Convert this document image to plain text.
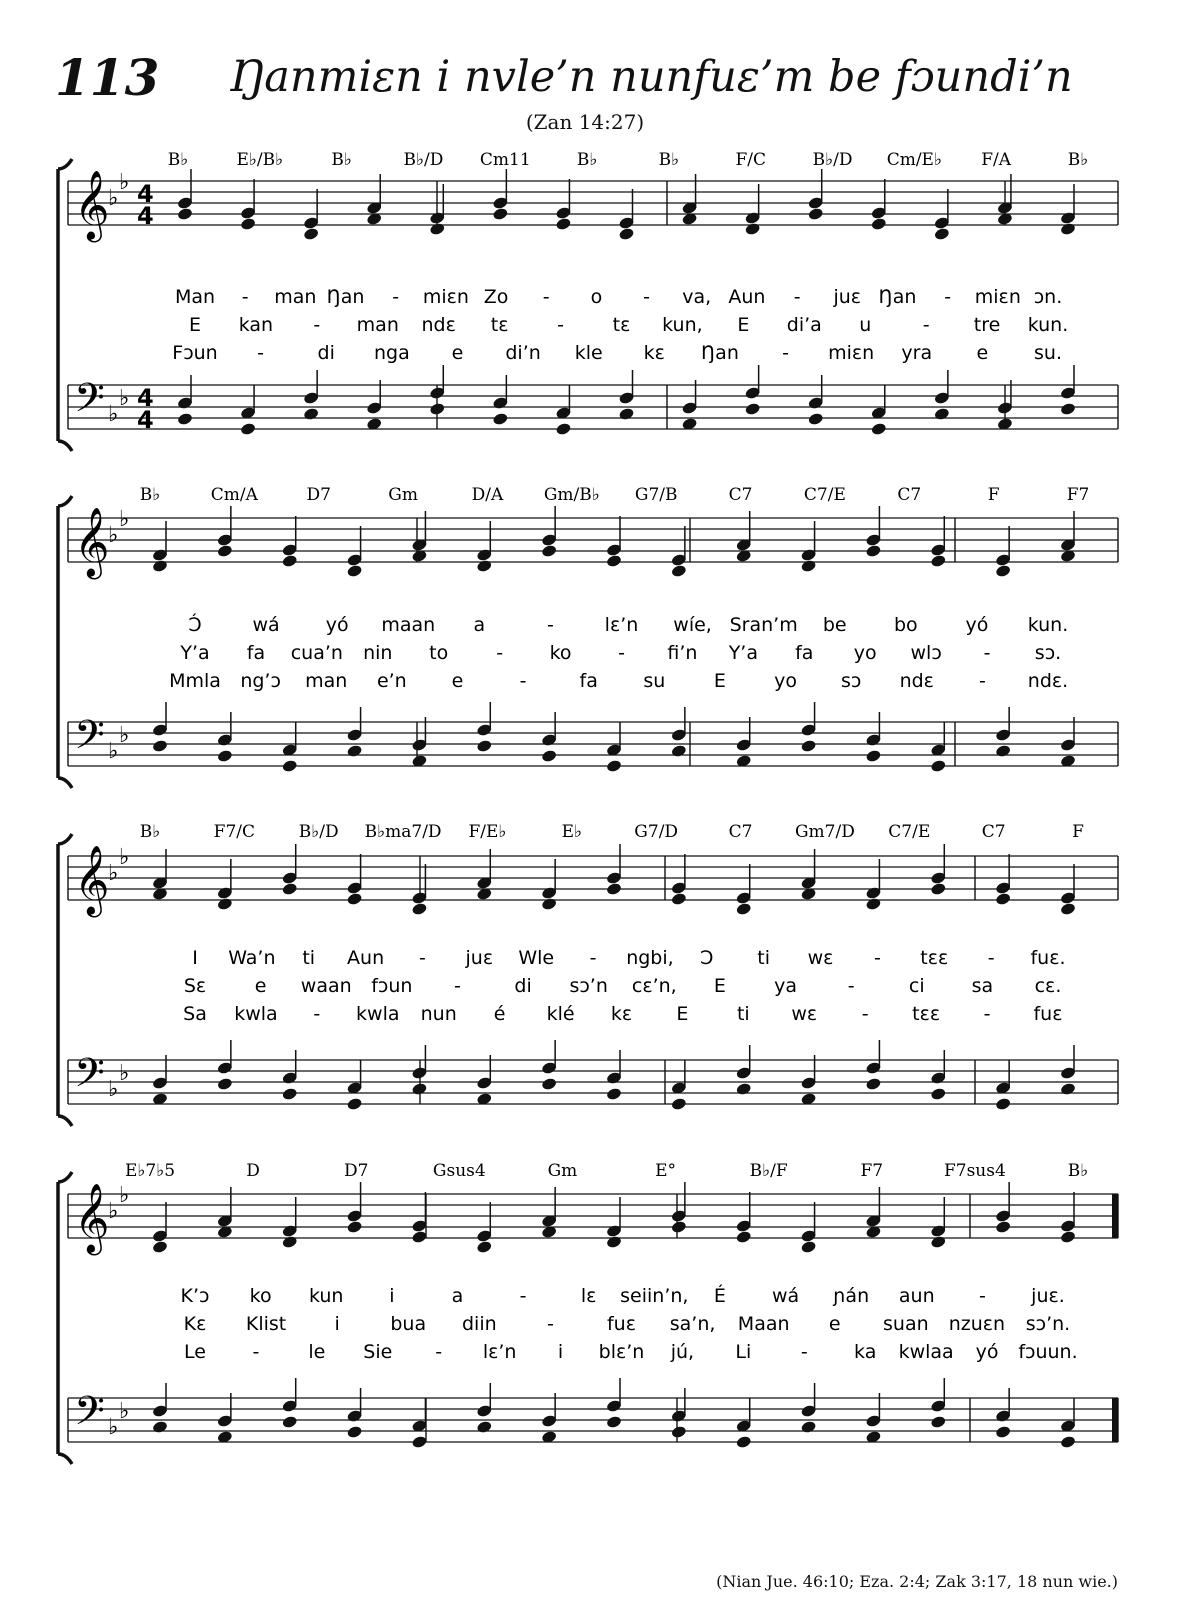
𝄞
𝄢
♭
♭
♭
♭
4
4
4
4
B♭	E♭/B♭	B♭	B♭/D Cm11	B♭	B♭	F/C	B♭/D Cm/E♭ F/A	B♭
Man - man Ŋan - miɛn Zo - o - va, Aun - juɛ Ŋan - miɛn ɔn.
E kan - man ndɛ tɛ	-	tɛ kun, E di’a u	- tre kun.
Fɔun -	di nga e di’n kle kɛ Ŋan - miɛn yra e su.
𝄞
𝄢
♭
♭
♭
♭
B♭	Cm/A	D7	Gm	D/A Gm/B♭ G7/B	C7	C7/E	C7	F	F7
Ɔ́	wá yó maan a	-	lɛ’n wíe, Sran’m be bo	yó kun.
Y’a fa cua’n nin to	- ko - fi’n Y’a fa yo wlɔ - sɔ.
Mmla ng’ɔ man e’n e	-	fa su	E	yo sɔ ndɛ - ndɛ.
𝄞
𝄢
♭
♭
♭
♭
B♭	F7/C	B♭/D B♭ma7/D F/E♭	E♭	G7/D	C7	Gm7/D C7/E	C7	F
I Wa’n ti Aun - juɛ Wle - ngbi, Ɔ ti wɛ - tɛɛ - fuɛ.
Sɛ	e waan fɔun -	di sɔ’n cɛ’n, E	ya	-	ci sa cɛ.
Sa kwla - kwla nun é klé kɛ E	ti wɛ - tɛɛ - fuɛ
𝄞
𝄢
♭
♭
♭
♭
E♭7♭5	D	D7	Gsus4	Gm	E°	B♭/F	F7	F7sus4	B♭
K’ɔ ko kun i	a	-	lɛ seiin’n, É wá ɲán aun - juɛ.
Kɛ Klist	i	bua diin	-	fuɛ sa’n, Maan e suan nzuɛn sɔ’n.
Le -	le Sie - lɛ’n i blɛ’n jú, Li	- ka kwlaa yó fɔuun.
113 Ŋanmiɛn i nvle’n nunfuɛ’m be fɔundi’n
(Zan 14:27)
(Nian Jue. 46:10; Eza. 2:4; Zak 3:17, 18 nun wie.)
